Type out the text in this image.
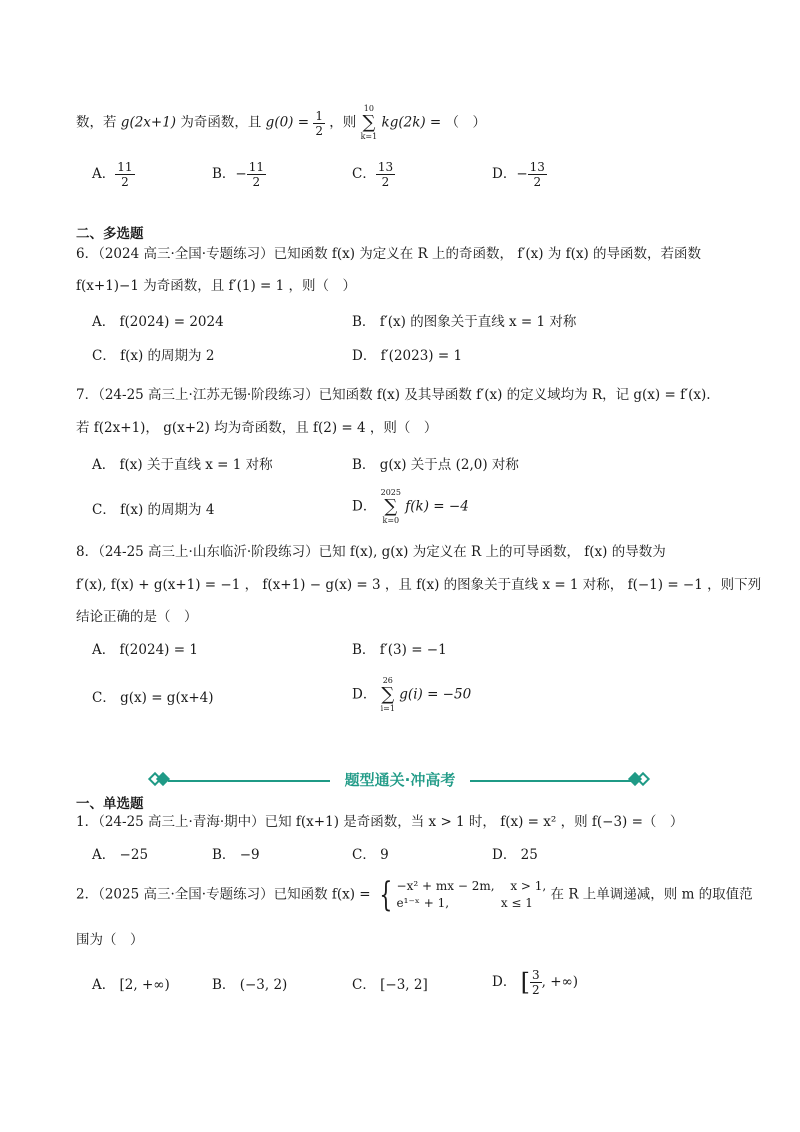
数，若 g(2x+1) 为奇函数，且 $g(0) = \frac{1}{2}$ ，则
10
∑
k=1
kg(2k) = （　）
A． $\frac{11}{2}$	B．− $\frac{11}{2}$	C． $\frac{13}{2}$	D．− $\frac{13}{2}$
二、多选题
6．（2024 高三·全国·专题练习）已知函数 f(x) 为定义在 R 上的奇函数， f′(x) 为 f(x) 的导函数，若函数
f(x+1)−1 为奇函数，且 f′(1) = 1 ，则（　）
A． f(2024) = 2024	B． f′(x) 的图象关于直线 x = 1 对称
C． f(x) 的周期为 2	D． f′(2023) = 1
7．（24-25 高三上·江苏无锡·阶段练习）已知函数 f(x) 及其导函数 f′(x) 的定义域均为 R，记 g(x) = f′(x).
若 f(2x+1)， g(x+2) 均为奇函数，且 f(2) = 4 ，则（　）
A． f(x) 关于直线 x = 1 对称	B． g(x) 关于点 (2,0) 对称
C． f(x) 的周期为 4	D．
2025
∑
k=0
f(k) = −4
8．（24-25 高三上·山东临沂·阶段练习）已知 f(x), g(x) 为定义在 R 上的可导函数， f(x) 的导数为
f′(x), f(x) + g(x+1) = −1 ， f(x+1) − g(x) = 3 ，且 f(x) 的图象关于直线 x = 1 对称， f(−1) = −1 ，则下列
结论正确的是（　）
A． f(2024) = 1	B． f′(3) = −1
C． g(x) = g(x+4)	D．
26
∑
i=1
g(i) = −50
题型通关·冲高考
一、单选题
1．（24-25 高三上·青海·期中）已知 f(x+1) 是奇函数，当 x > 1 时， f(x) = x² ，则 f(−3) =（　）
A． −25	B． −9	C． 9	D． 25
2．（2025 高三·全国·专题练习）已知函数 f(x) = { −x² + mx − 2m,　 x > 1,
e¹⁻ˣ + 1,　　　　 x ≤ 1
在 R 上单调递减，则 m 的取值范
围为（　）
A． [2, +∞)	B． (−3, 2)	C． [−3, 2]	D． [ $\frac{3}{2}$ , +∞)
